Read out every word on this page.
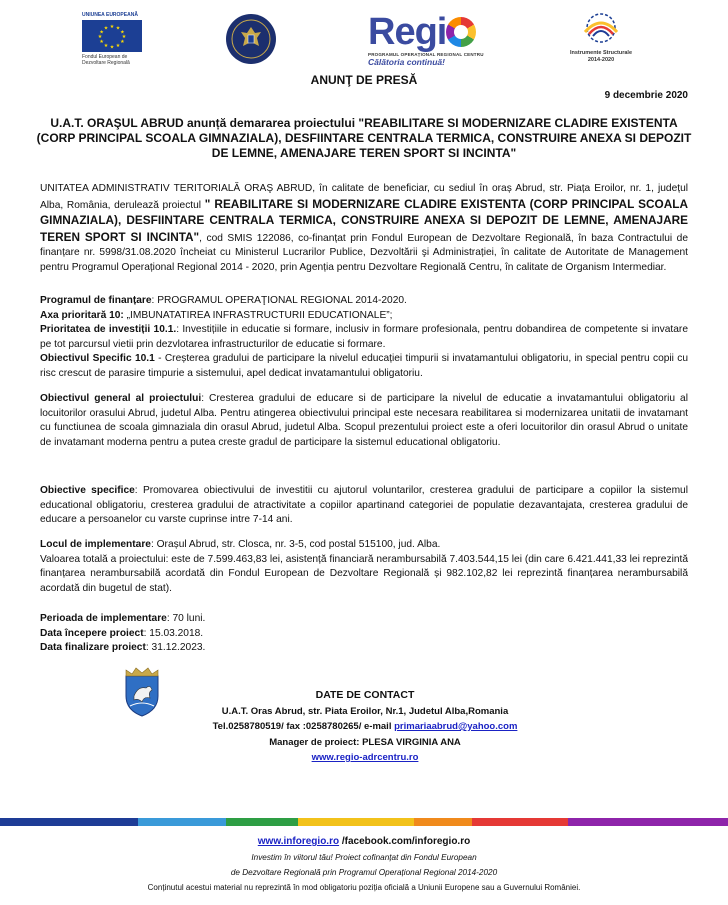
UNIUNEA EUROPEANĂ
★ ★
★
★
★
★
★
★
★
★
★
★
Fondul European de Dezvoltare Regională
Regi
PROGRAMUL OPERAȚIONAL REGIONAL CENTRU
Călătoria continuă!
Instrumente Structurale
2014-2020
ANUNŢ DE PRESĂ
9 decembrie 2020
U.A.T. ORAŞUL ABRUD anunță demararea proiectului "REABILITARE SI MODERNIZARE CLADIRE EXISTENTA (CORP PRINCIPAL SCOALA GIMNAZIALA), DESFIINTARE CENTRALA TERMICA, CONSTRUIRE ANEXA SI DEPOZIT DE LEMNE, AMENAJARE TEREN SPORT SI INCINTA"
UNITATEA ADMINISTRATIV TERITORIALĂ ORAŞ ABRUD, în calitate de beneficiar, cu sediul în oraș Abrud, str. Piața Eroilor, nr. 1, județul Alba, România, derulează proiectul " REABILITARE SI MODERNIZARE CLADIRE EXISTENTA (CORP PRINCIPAL SCOALA GIMNAZIALA), DESFIINTARE CENTRALA TERMICA, CONSTRUIRE ANEXA SI DEPOZIT DE LEMNE, AMENAJARE TEREN SPORT SI INCINTA", cod SMIS 122086, co-finanțat prin Fondul European de Dezvoltare Regională, în baza Contractului de finanțare nr. 5998/31.08.2020 încheiat cu Ministerul Lucrarilor Publice, Dezvoltării şi Administrației, în calitate de Autoritate de Management pentru Programul Operațional Regional 2014 - 2020, prin Agenția pentru Dezvoltare Regională Centru, în calitate de Organism Intermediar.
Programul de finanțare: PROGRAMUL OPERAŢIONAL REGIONAL 2014-2020.
Axa prioritară 10: „IMBUNATATIREA INFRASTRUCTURII EDUCATIONALE”;
Prioritatea de investiții 10.1.: Investițiile in educatie si formare, inclusiv in formare profesionala, pentru dobandirea de competente si invatare pe tot parcursul vietii prin dezvlotarea infrastructurilor de educatie si formare.
Obiectivul Specific 10.1 - Creșterea gradului de participare la nivelul educației timpurii si invatamantului obligatoriu, in special pentru copii cu risc crescut de parasire timpurie a sistemului, apel dedicat invatamantului obligatoriu.
Obiectivul general al proiectului: Cresterea gradului de educare si de participare la nivelul de educatie a invatamantului obligatoriu al locuitorilor orasului Abrud, judetul Alba. Pentru atingerea obiectivului principal este necesara reabilitarea si modernizarea unitatii de invatamant cu functiunea de scoala gimnaziala din orasul Abrud, judetul Alba. Scopul prezentului proiect este a oferi locuitorilor din orasul Abrud o unitate de invatamant moderna pentru a putea creste gradul de participare la sistemul educational obligatoriu.
Obiective specifice: Promovarea obiectivului de investitii cu ajutorul voluntarilor, cresterea gradului de participare a copiilor la sistemul educational obligatoriu, cresterea gradului de atractivitate a copiilor apartinand categoriei de populatie dezavantajata, cresterea gradului de educare a persoanelor cu varste cuprinse intre 7-14 ani.
Locul de implementare: Orașul Abrud, str. Closca, nr. 3-5, cod postal 515100, jud. Alba.
Valoarea totală a proiectului: este de 7.599.463,83 lei, asistență financiară nerambursabilă 7.403.544,15 lei (din care 6.421.441,33 lei reprezintă finanțarea nerambursabilă acordată din Fondul European de Dezvoltare Regională și 982.102,82 lei reprezintă finanțarea nerambursabilă acordată din bugetul de stat).
Perioada de implementare: 70 luni.
Data începere proiect: 15.03.2018.
Data finalizare proiect: 31.12.2023.
DATE DE CONTACT
U.A.T. Oras Abrud, str. Piata Eroilor, Nr.1, Judetul Alba,Romania
Tel.0258780519/ fax :0258780265/ e-mail primariaabrud@yahoo.com
Manager de proiect: PLESA VIRGINIA ANA
www.regio-adrcentru.ro
www.inforegio.ro /facebook.com/inforegio.ro
Investim în viitorul tău! Proiect cofinanțat din Fondul European
de Dezvoltare Regională prin Programul Operațional Regional 2014-2020
Conținutul acestui material nu reprezintă în mod obligatoriu poziția oficială a Uniunii Europene sau a Guvernului României.
